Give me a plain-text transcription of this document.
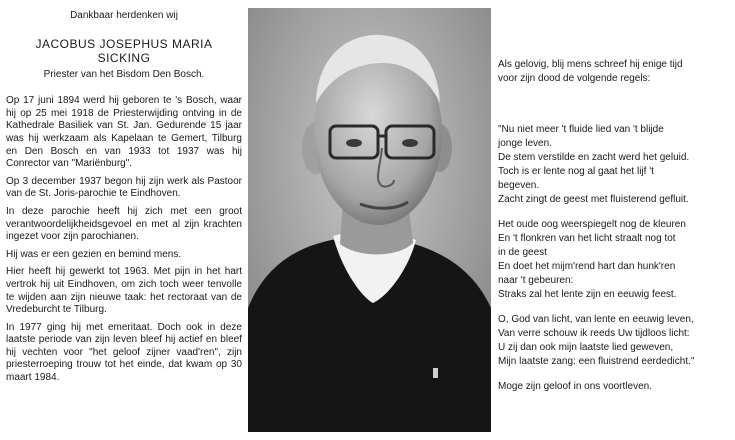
Dankbaar herdenken wij

JACOBUS JOSEPHUS MARIA
SICKING

Priester van het Bisdom Den Bosch.

Op 17 juni 1894 werd hij geboren te 's Bosch, waar hij op 25 mei 1918 de Priesterwijding ontving in de Kathedrale Basiliek van St. Jan. Gedurende 15 jaar was hij werkzaam als Kapelaan te Gemert, Tilburg en Den Bosch en van 1933 tot 1937 was hij Conrector van "Mariënburg".

Op 3 december 1937 begon hij zijn werk als Pastoor van de St. Joris-parochie te Eindhoven.

In deze parochie heeft hij zich met een groot verantwoordelijkheidsgevoel en met al zijn krachten ingezet voor zijn parochianen.

Hij was er een gezien en bemind mens.

Hier heeft hij gewerkt tot 1963. Met pijn in het hart vertrok hij uit Eindhoven, om zich toch weer tenvolle te wijden aan zijn nieuwe taak: het rectoraat van de Vredeburcht te Tilburg.

In 1977 ging hij met emeritaat. Doch ook in deze laatste periode van zijn leven bleef hij actief en bleef hij vechten voor "het geloof zijner vaad'ren", zijn priesterroeping trouw tot het einde, dat kwam op 30 maart 1984.

Als gelovig, blij mens schreef hij enige tijd

voor zijn dood de volgende regels:

"Nu niet meer 't fluide lied van 't blijde

jonge leven.

De stem verstilde en zacht werd het geluid.

Toch is er lente nog al gaat het lijf 't

begeven.

Zacht zingt de geest met fluisterend gefluit.

Het oude oog weerspiegelt nog de kleuren

En 't flonkren van het licht straalt nog tot

in de geest

En doet het mijm'rend hart dan hunk'ren

naar 't gebeuren:

Straks zal het lente zijn en eeuwig feest.

O, God van licht, van lente en eeuwig leven,

Van verre schouw ik reeds Uw tijdloos licht:

U zij dan ook mijn laatste lied geweven,

Mijn laatste zang: een fluistrend eerdedicht."

Moge zijn geloof in ons voortleven.
